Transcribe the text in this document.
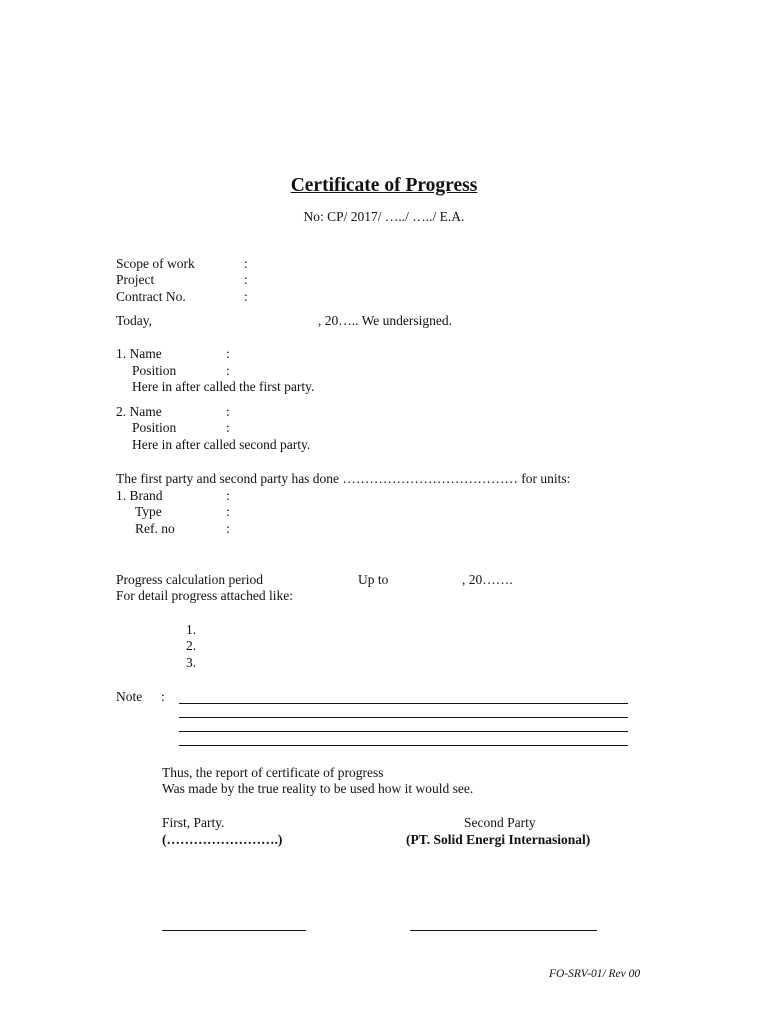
Certificate of Progress
No: CP/ 2017/ …../ …../ E.A.
Scope of work	:
Project	:
Contract No.	:
Today,	, 20….. We undersigned.
1. Name	:
Position	:
Here in after called the first party.
2. Name	:
Position	:
Here in after called second party.
The first party and second party has done ………………………………… for units:
1. Brand	:
Type	:
Ref. no	:
Progress calculation period	Up to	, 20…….
For detail progress attached like:
1.
2.
3.
Note :
Thus, the report of certificate of progress
Was made by the true reality to be used how it would see.
First, Party.
(…………………….)
Second Party
(PT. Solid Energi Internasional)
FO-SRV-01/ Rev 00
